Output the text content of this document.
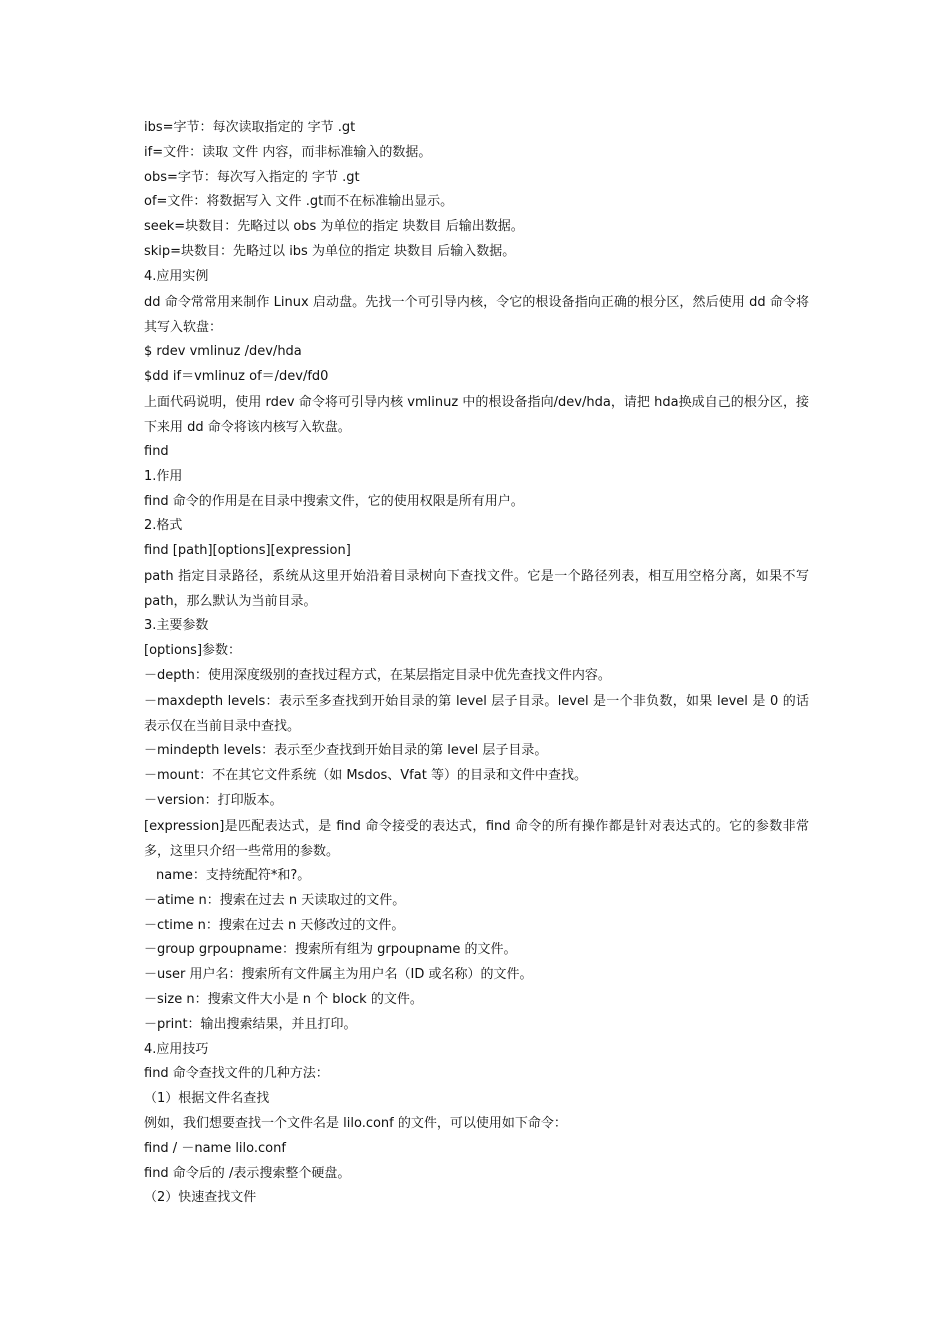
ibs=字节：每次读取指定的 字节 .gt
if=文件：读取 文件 内容，而非标准输入的数据。
obs=字节：每次写入指定的 字节 .gt
of=文件：将数据写入 文件 .gt而不在标准输出显示。
seek=块数目：先略过以 obs 为单位的指定 块数目 后输出数据。
skip=块数目：先略过以 ibs 为单位的指定 块数目 后输入数据。
4.应用实例
dd 命令常常用来制作 Linux 启动盘。先找一个可引导内核，令它的根设备指向正确的根分区，然后使用 dd 命令将其写入软盘：
$ rdev vmlinuz /dev/hda
$dd if＝vmlinuz of＝/dev/fd0
上面代码说明，使用 rdev 命令将可引导内核 vmlinuz 中的根设备指向/dev/hda，请把 hda换成自己的根分区，接下来用 dd 命令将该内核写入软盘。
find
1.作用
find 命令的作用是在目录中搜索文件，它的使用权限是所有用户。
2.格式
find [path][options][expression]
path 指定目录路径，系统从这里开始沿着目录树向下查找文件。它是一个路径列表，相互用空格分离，如果不写 path，那么默认为当前目录。
3.主要参数
[options]参数：
－depth：使用深度级别的查找过程方式，在某层指定目录中优先查找文件内容。
－maxdepth levels：表示至多查找到开始目录的第 level 层子目录。level 是一个非负数，如果 level 是 0 的话表示仅在当前目录中查找。
－mindepth levels：表示至少查找到开始目录的第 level 层子目录。
－mount：不在其它文件系统（如 Msdos、Vfat 等）的目录和文件中查找。
－version：打印版本。
[expression]是匹配表达式，是 find 命令接受的表达式，find 命令的所有操作都是针对表达式的。它的参数非常多，这里只介绍一些常用的参数。
name：支持统配符*和?。
－atime n：搜索在过去 n 天读取过的文件。
－ctime n：搜索在过去 n 天修改过的文件。
－group grpoupname：搜索所有组为 grpoupname 的文件。
－user 用户名：搜索所有文件属主为用户名（ID 或名称）的文件。
－size n：搜索文件大小是 n 个 block 的文件。
－print：输出搜索结果，并且打印。
4.应用技巧
find 命令查找文件的几种方法：
（1）根据文件名查找
例如，我们想要查找一个文件名是 lilo.conf 的文件，可以使用如下命令：
find / －name lilo.conf
find 命令后的 /表示搜索整个硬盘。
（2）快速查找文件
